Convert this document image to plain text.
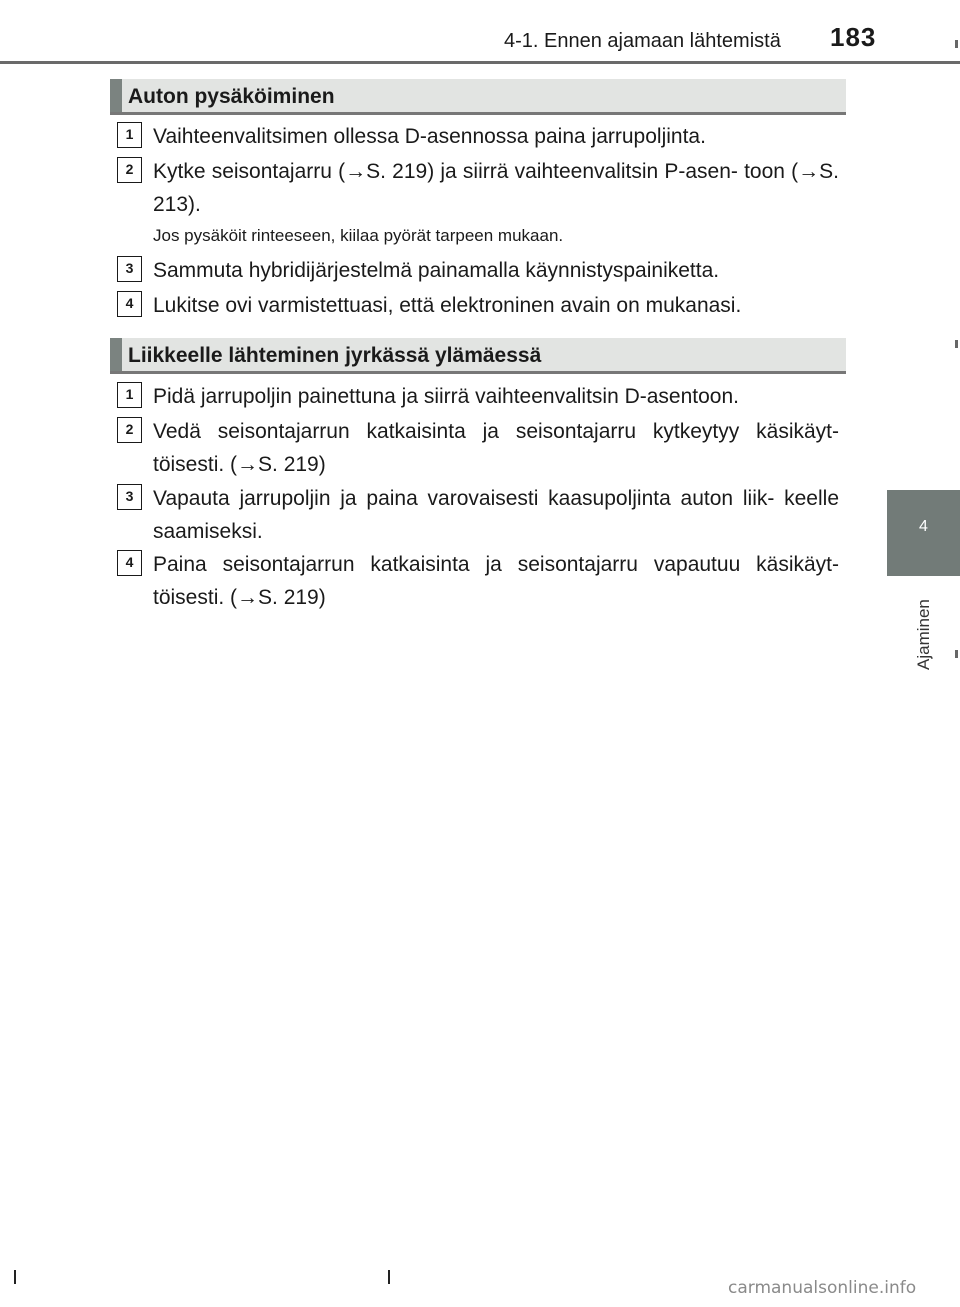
4-1. Ennen ajamaan lähtemistä 183
4
Ajaminen
Auton pysäköiminen
1 Vaihteenvalitsimen ollessa D-asennossa paina jarrupoljinta.
2 Kytke seisontajarru (→S. 219) ja siirrä vaihteenvalitsin P-asen- toon (→S. 213).
Jos pysäköit rinteeseen, kiilaa pyörät tarpeen mukaan.
3 Sammuta hybridijärjestelmä painamalla käynnistyspainiketta.
4 Lukitse ovi varmistettuasi, että elektroninen avain on mukanasi.
Liikkeelle lähteminen jyrkässä ylämäessä
1 Pidä jarrupoljin painettuna ja siirrä vaihteenvalitsin D-asentoon.
2 Vedä seisontajarrun katkaisinta ja seisontajarru kytkeytyy käsikäyt- töisesti. (→S. 219)
3 Vapauta jarrupoljin ja paina varovaisesti kaasupoljinta auton liik- keelle saamiseksi.
4 Paina seisontajarrun katkaisinta ja seisontajarru vapautuu käsikäyt- töisesti. (→S. 219)
carmanualsonline.info
